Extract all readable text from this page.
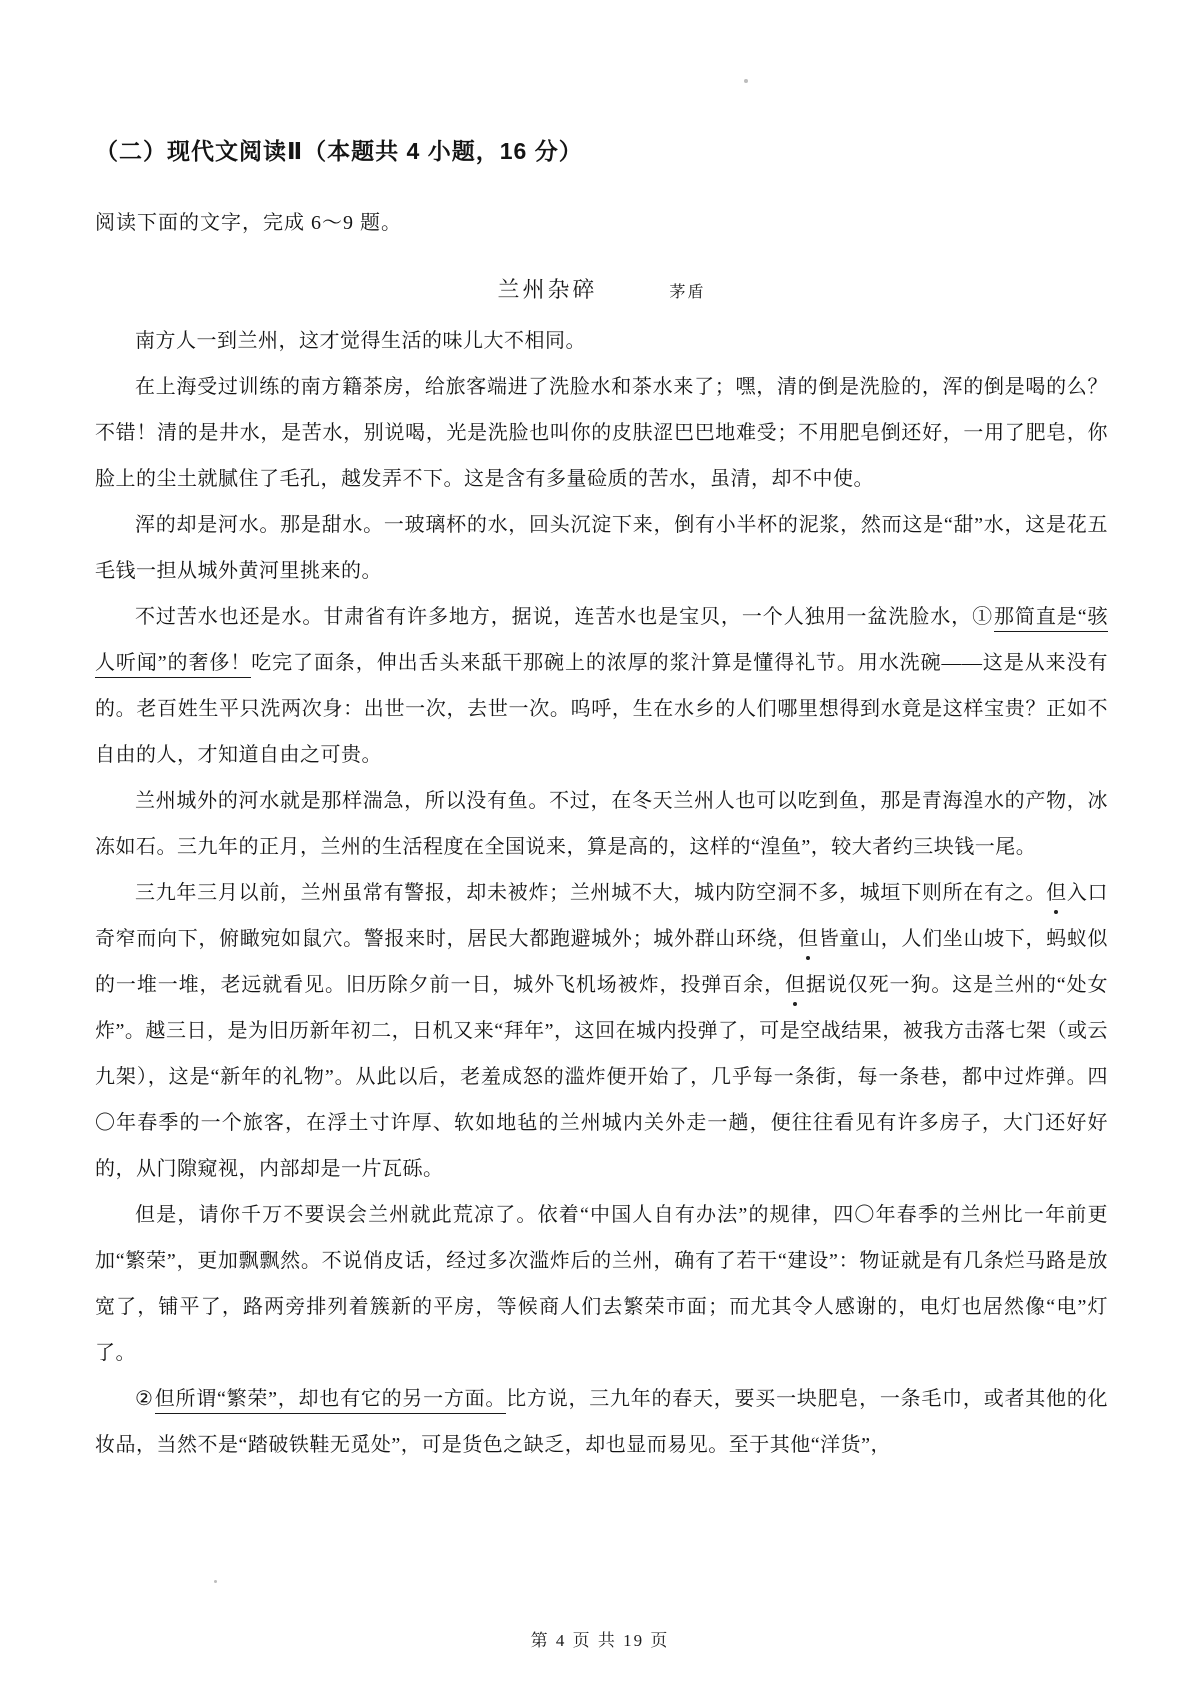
（二）现代文阅读Ⅱ（本题共 4 小题，16 分）

阅读下面的文字，完成 6～9 题。

兰州杂碎	茅盾

南方人一到兰州，这才觉得生活的味儿大不相同。

在上海受过训练的南方籍茶房，给旅客端进了洗脸水和茶水来了；嘿，清的倒是洗脸的，浑的倒是喝的么？不错！清的是井水，是苦水，别说喝，光是洗脸也叫你的皮肤涩巴巴地难受；不用肥皂倒还好，一用了肥皂，你脸上的尘土就腻住了毛孔，越发弄不下。这是含有多量硷质的苦水，虽清，却不中使。

浑的却是河水。那是甜水。一玻璃杯的水，回头沉淀下来，倒有小半杯的泥浆，然而这是“甜”水，这是花五毛钱一担从城外黄河里挑来的。

不过苦水也还是水。甘肃省有许多地方，据说，连苦水也是宝贝，一个人独用一盆洗脸水，①那简直是“骇人听闻”的奢侈！吃完了面条，伸出舌头来舐干那碗上的浓厚的浆汁算是懂得礼节。用水洗碗——这是从来没有的。老百姓生平只洗两次身：出世一次，去世一次。呜呼，生在水乡的人们哪里想得到水竟是这样宝贵？正如不自由的人，才知道自由之可贵。

兰州城外的河水就是那样湍急，所以没有鱼。不过，在冬天兰州人也可以吃到鱼，那是青海湟水的产物，冰冻如石。三九年的正月，兰州的生活程度在全国说来，算是高的，这样的“湟鱼”，较大者约三块钱一尾。

三九年三月以前，兰州虽常有警报，却未被炸；兰州城不大，城内防空洞不多，城垣下则所在有之。但入口奇窄而向下，俯瞰宛如鼠穴。警报来时，居民大都跑避城外；城外群山环绕，但皆童山，人们坐山坡下，蚂蚁似的一堆一堆，老远就看见。旧历除夕前一日，城外飞机场被炸，投弹百余，但据说仅死一狗。这是兰州的“处女炸”。越三日，是为旧历新年初二，日机又来“拜年”，这回在城内投弹了，可是空战结果，被我方击落七架（或云九架），这是“新年的礼物”。从此以后，老羞成怒的滥炸便开始了，几乎每一条街，每一条巷，都中过炸弹。四〇年春季的一个旅客，在浮土寸许厚、软如地毡的兰州城内关外走一趟，便往往看见有许多房子，大门还好好的，从门隙窥视，内部却是一片瓦砾。

但是，请你千万不要误会兰州就此荒凉了。依着“中国人自有办法”的规律，四〇年春季的兰州比一年前更加“繁荣”，更加飘飘然。不说俏皮话，经过多次滥炸后的兰州，确有了若干“建设”：物证就是有几条烂马路是放宽了，铺平了，路两旁排列着簇新的平房，等候商人们去繁荣市面；而尤其令人感谢的，电灯也居然像“电”灯了。

②但所谓“繁荣”，却也有它的另一方面。比方说，三九年的春天，要买一块肥皂，一条毛巾，或者其他的化妆品，当然不是“踏破铁鞋无觅处”，可是货色之缺乏，却也显而易见。至于其他“洋货”，

第 4 页 共 19 页
